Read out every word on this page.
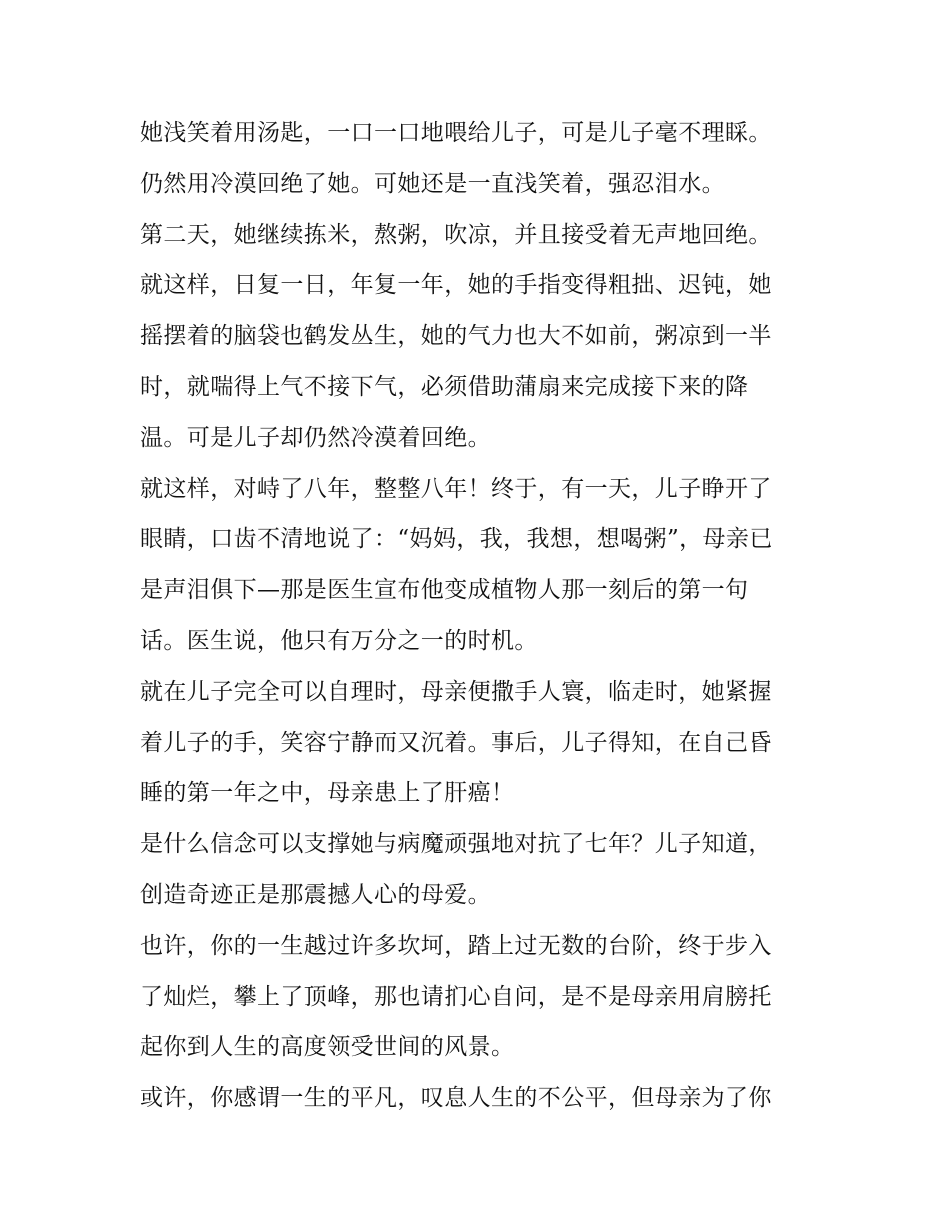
她浅笑着用汤匙，一口一口地喂给儿子，可是儿子毫不理睬。
仍然用冷漠回绝了她。可她还是一直浅笑着，强忍泪水。
第二天，她继续拣米，熬粥，吹凉，并且接受着无声地回绝。
就这样，日复一日，年复一年，她的手指变得粗拙、迟钝，她
摇摆着的脑袋也鹤发丛生，她的气力也大不如前，粥凉到一半
时，就喘得上气不接下气，必须借助蒲扇来完成接下来的降
温。可是儿子却仍然冷漠着回绝。
就这样，对峙了八年，整整八年！终于，有一天，儿子睁开了
眼睛，口齿不清地说了：“妈妈，我，我想，想喝粥”，母亲已
是声泪俱下—那是医生宣布他变成植物人那一刻后的第一句
话。医生说，他只有万分之一的时机。
就在儿子完全可以自理时，母亲便撒手人寰，临走时，她紧握
着儿子的手，笑容宁静而又沉着。事后，儿子得知，在自己昏
睡的第一年之中，母亲患上了肝癌！
是什么信念可以支撑她与病魔顽强地对抗了七年？儿子知道，
创造奇迹正是那震撼人心的母爱。
也许，你的一生越过许多坎坷，踏上过无数的台阶，终于步入
了灿烂，攀上了顶峰，那也请扪心自问，是不是母亲用肩膀托
起你到人生的高度领受世间的风景。
或许，你感谓一生的平凡，叹息人生的不公平，但母亲为了你
